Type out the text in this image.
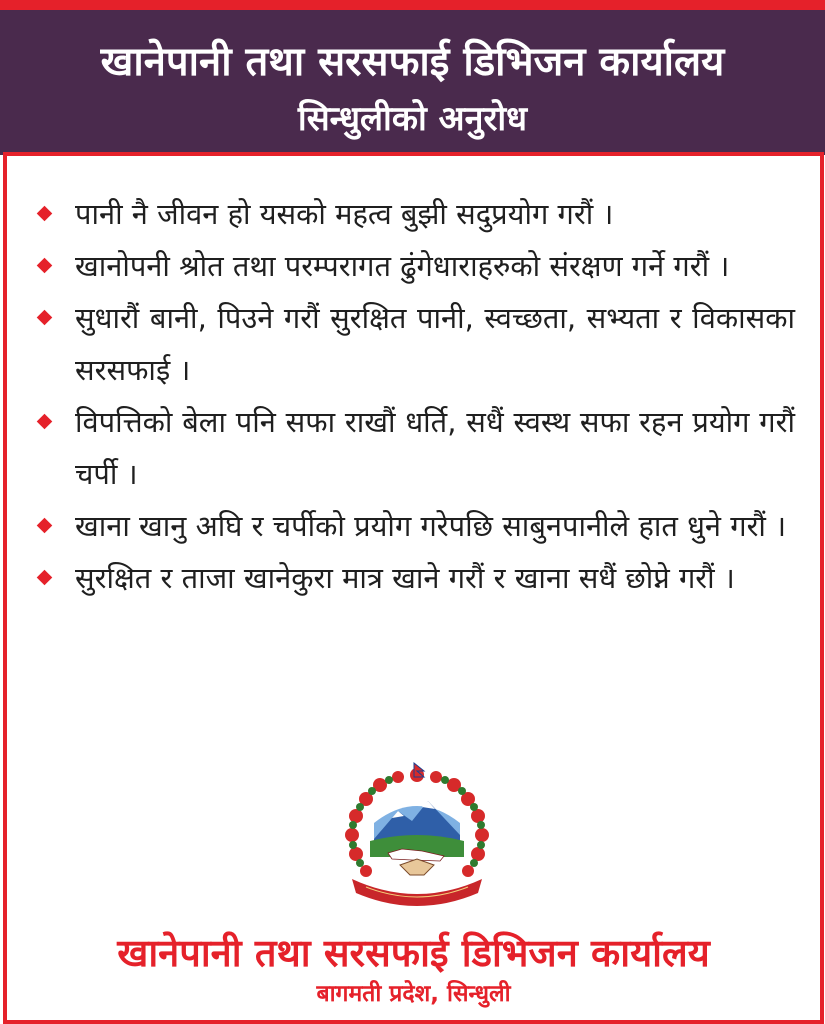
खानेपानी तथा सरसफाई डिभिजन कार्यालय
सिन्धुलीको अनुरोध
पानी नै जीवन हो यसको महत्व बुझी सदुप्रयोग गरौं ।
खानोपनी श्रोत तथा परम्परागत ढुंगेधाराहरुको संरक्षण गर्ने गरौं ।
सुधारौं बानी, पिउने गरौं सुरक्षित पानी, स्वच्छता, सभ्यता र विकासका सरसफाई ।
विपत्तिको बेला पनि सफा राखौं धर्ति, सधैं स्वस्थ सफा रहन प्रयोग गरौं चर्पी ।
खाना खानु अघि र चर्पीको प्रयोग गरेपछि साबुनपानीले हात धुने गरौं ।
सुरक्षित र ताजा खानेकुरा मात्र खाने गरौं र खाना सधैं छोप्ने गरौं ।
खानेपानी तथा सरसफाई डिभिजन कार्यालय
बागमती प्रदेश, सिन्धुली
